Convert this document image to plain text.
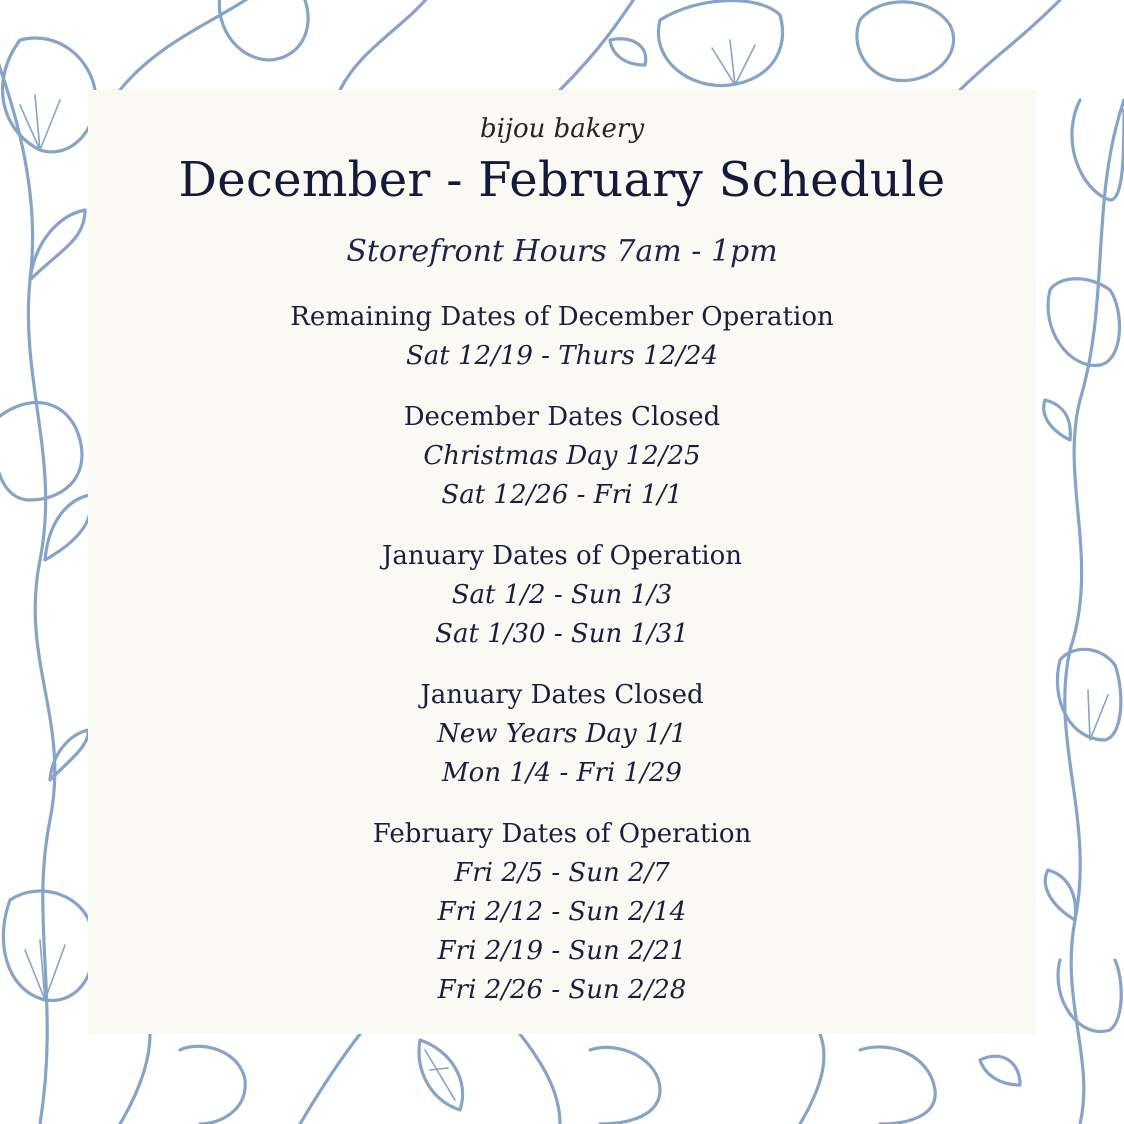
bijou bakery
December - February Schedule
Storefront Hours 7am - 1pm
Remaining Dates of December Operation
Sat 12/19 - Thurs 12/24
December Dates Closed
Christmas Day 12/25
Sat 12/26 - Fri 1/1
January Dates of Operation
Sat 1/2 - Sun 1/3
Sat 1/30 - Sun 1/31
January Dates Closed
New Years Day 1/1
Mon 1/4 - Fri 1/29
February Dates of Operation
Fri 2/5 - Sun 2/7
Fri 2/12 - Sun 2/14
Fri 2/19 - Sun 2/21
Fri 2/26 - Sun 2/28
